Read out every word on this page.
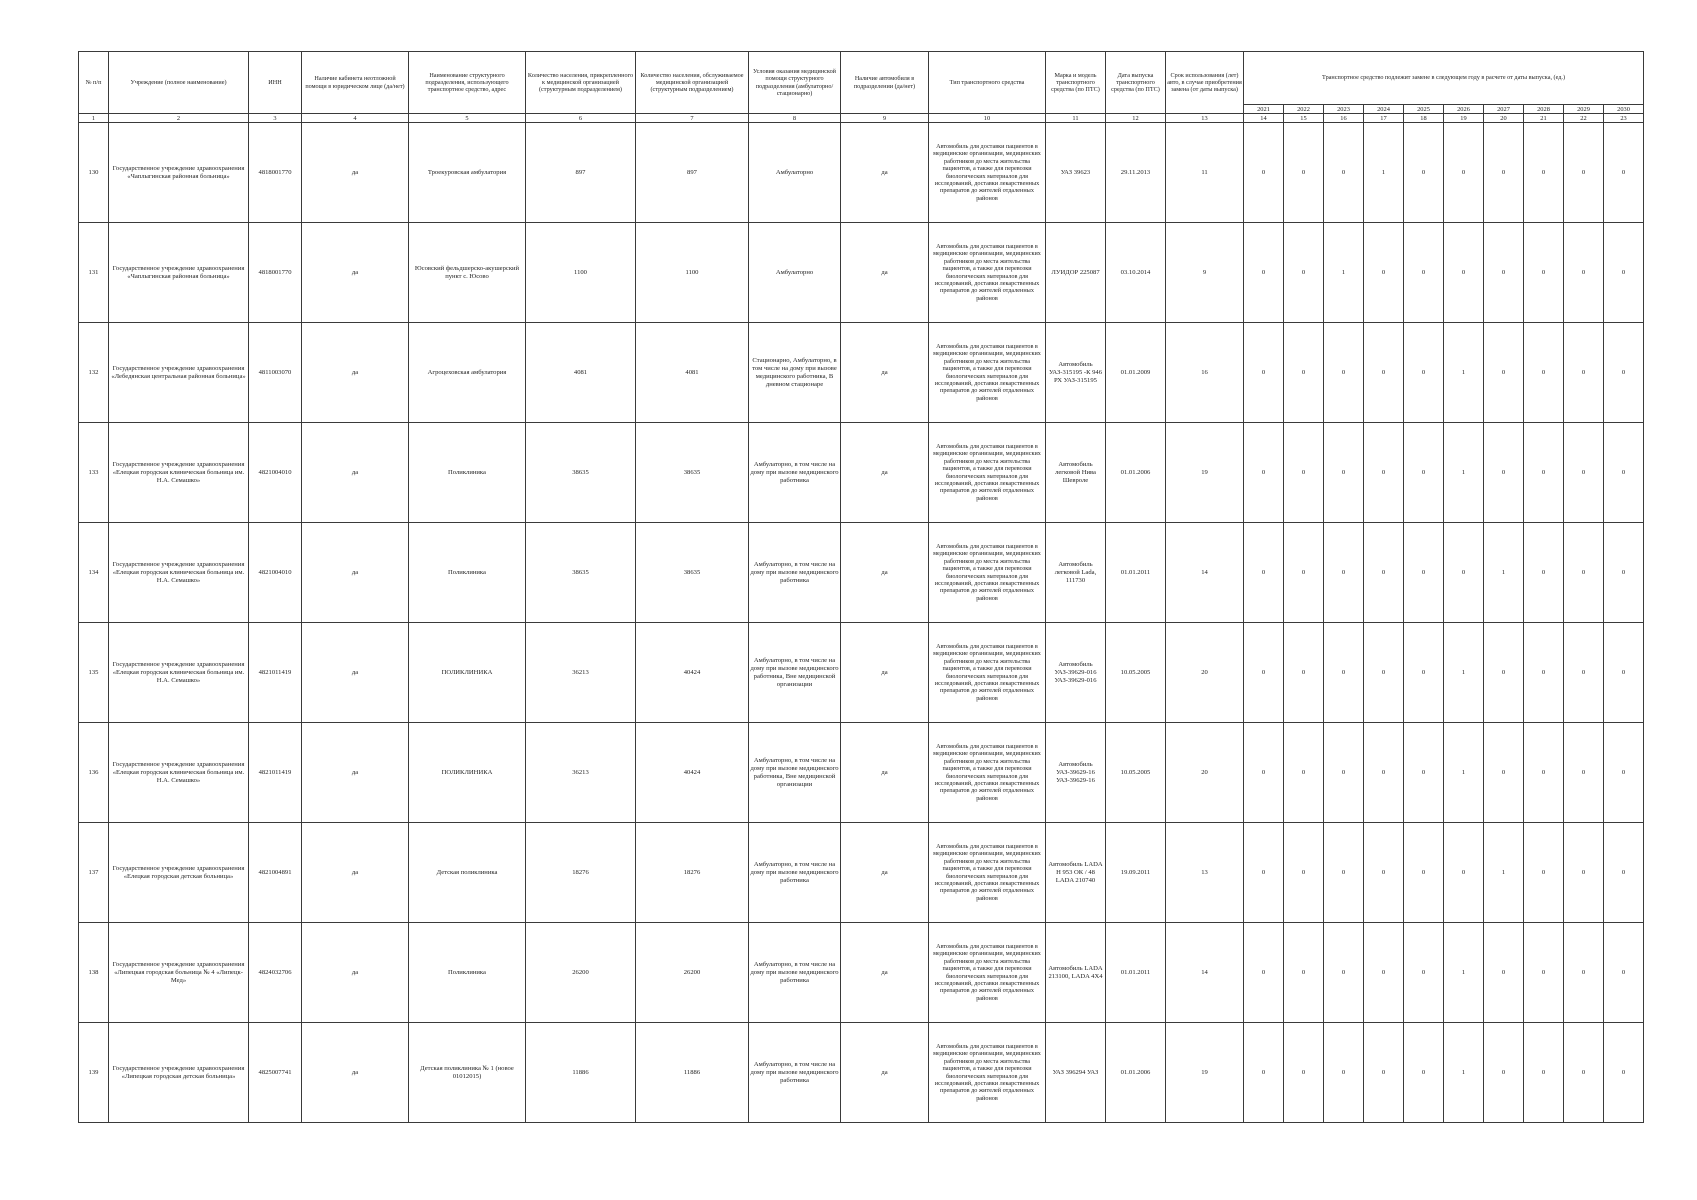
№ п/п	Учреждение (полное наименование)	ИНН	Наличие кабинета неотложной помощи в юридическом лице (да/нет)	Наименование структурного подразделения, использующего транспортное средство, адрес	Количество населения, прикрепленного к медицинской организацией (структурным подразделением)	Количество населения, обслуживаемое медицинской организацией (структурным подразделением)	Условия оказания медицинской помощи структурного подразделения (амбулаторно/стационарно)	Наличие автомобиля в подразделении (да/нет)	Тип транспортного средства	Марка и модель транспортного средства (по ПТС)	Дата выпуска транспортного средства (по ПТС)	Срок использования (лет) авто, в случае приобретения замена (от даты выпуска)	Транспортное средство подлежит замене в следующем году в расчете от даты выпуска, (ед.)									
													2021	2022	2023	2024	2025	2026	2027	2028	2029	2030
1	2	3	4	5	6	7	8	9	10	11	12	13	14	15	16	17	18	19	20	21	22	23
130	Государственное учреждение здравоохранения «Чаплыгинская районная больница»	4818001770	да	Троекуровская амбулатория	897	897	Амбулаторно	да	Автомобиль для доставки пациентов в медицинские организации, медицинских работников до места жительства пациентов, а также для перевозки биологических материалов для исследований, доставки лекарственных препаратов до жителей отдаленных районов	УАЗ 39623	29.11.2013	11	0	0	0	1	0	0	0	0	0	0
131	Государственное учреждение здравоохранения «Чаплыгинская районная больница»	4818001770	да	Юсовский фельдшерско-акушерский пункт с. Юсово	1100	1100	Амбулаторно	да	Автомобиль для доставки пациентов в медицинские организации, медицинских работников до места жительства пациентов, а также для перевозки биологических материалов для исследований, доставки лекарственных препаратов до жителей отдаленных районов	ЛУИДОР 225087	03.10.2014	9	0	0	1	0	0	0	0	0	0	0
132	Государственное учреждение здравоохранения «Лебедянская центральная районная больница»	4811003070	да	Агроцеховская амбулатория	4081	4081	Стационарно, Амбулаторно, в том числе на дому при вызове медицинского работника, В дневном стационаре	да	Автомобиль для доставки пациентов в медицинские организации, медицинских работников до места жительства пациентов, а также для перевозки биологических материалов для исследований, доставки лекарственных препаратов до жителей отдаленных районов	Автомобиль УАЗ-315195 -К 946 РХ УАЗ-315195	01.01.2009	16	0	0	0	0	0	1	0	0	0	0
133	Государственное учреждение здравоохранения «Елецкая городская клиническая больница им. Н.А. Семашко»	4821004010	да	Поликлиника	38635	38635	Амбулаторно, в том числе на дому при вызове медицинского работника	да	Автомобиль для доставки пациентов в медицинские организации, медицинских работников до места жительства пациентов, а также для перевозки биологических материалов для исследований, доставки лекарственных препаратов до жителей отдаленных районов	Автомобиль легковой Нива Шевроле	01.01.2006	19	0	0	0	0	0	1	0	0	0	0
134	Государственное учреждение здравоохранения «Елецкая городская клиническая больница им. Н.А. Семашко»	4821004010	да	Поликлиника	38635	38635	Амбулаторно, в том числе на дому при вызове медицинского работника	да	Автомобиль для доставки пациентов в медицинские организации, медицинских работников до места жительства пациентов, а также для перевозки биологических материалов для исследований, доставки лекарственных препаратов до жителей отдаленных районов	Автомобиль легковой Lada, 111730	01.01.2011	14	0	0	0	0	0	0	1	0	0	0
135	Государственное учреждение здравоохранения «Елецкая городская клиническая больница им. Н.А. Семашко»	4821011419	да	ПОЛИКЛИНИКА	36213	40424	Амбулаторно, в том числе на дому при вызове медицинского работника, Вне медицинской организации	да	Автомобиль для доставки пациентов в медицинские организации, медицинских работников до места жительства пациентов, а также для перевозки биологических материалов для исследований, доставки лекарственных препаратов до жителей отдаленных районов	Автомобиль УАЗ-39629-016 УАЗ-39629-016	10.05.2005	20	0	0	0	0	0	1	0	0	0	0
136	Государственное учреждение здравоохранения «Елецкая городская клиническая больница им. Н.А. Семашко»	4821011419	да	ПОЛИКЛИНИКА	36213	40424	Амбулаторно, в том числе на дому при вызове медицинского работника, Вне медицинской организации	да	Автомобиль для доставки пациентов в медицинские организации, медицинских работников до места жительства пациентов, а также для перевозки биологических материалов для исследований, доставки лекарственных препаратов до жителей отдаленных районов	Автомобиль УАЗ-39629-16 УАЗ-39629-16	10.05.2005	20	0	0	0	0	0	1	0	0	0	0
137	Государственное учреждение здравоохранения «Елецкая городская детская больница»	4821004891	да	Детская поликлиника	18276	18276	Амбулаторно, в том числе на дому при вызове медицинского работника	да	Автомобиль для доставки пациентов в медицинские организации, медицинских работников до места жительства пациентов, а также для перевозки биологических материалов для исследований, доставки лекарственных препаратов до жителей отдаленных районов	Автомобиль LADA Н 953 ОК / 48 LADA 210740	19.09.2011	13	0	0	0	0	0	0	1	0	0	0
138	Государственное учреждение здравоохранения «Липецкая городская больница № 4 «Липецк-Мед»	4824032706	да	Поликлиника	26200	26200	Амбулаторно, в том числе на дому при вызове медицинского работника	да	Автомобиль для доставки пациентов в медицинские организации, медицинских работников до места жительства пациентов, а также для перевозки биологических материалов для исследований, доставки лекарственных препаратов до жителей отдаленных районов	Автомобиль LADA 213100, LADA 4X4	01.01.2011	14	0	0	0	0	0	1	0	0	0	0
139	Государственное учреждение здравоохранения «Липецкая городская детская больница»	4825007741	да	Детская поликлиника № 1 (новое 01012015)	11886	11886	Амбулаторно, в том числе на дому при вызове медицинского работника	да	Автомобиль для доставки пациентов в медицинские организации, медицинских работников до места жительства пациентов, а также для перевозки биологических материалов для исследований, доставки лекарственных препаратов до жителей отдаленных районов	УАЗ 396294 УАЗ	01.01.2006	19	0	0	0	0	0	1	0	0	0	0
